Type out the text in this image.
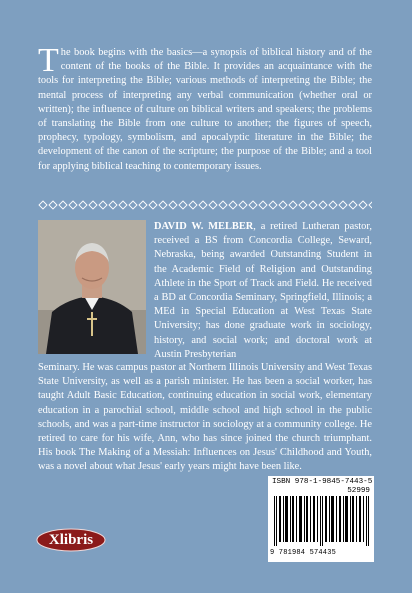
The book begins with the basics—a synopsis of biblical history and of the content of the books of the Bible. It provides an acquaintance with the tools for interpreting the Bible; various methods of interpreting the Bible; the mental process of interpreting any verbal communication (whether oral or written); the influence of culture on biblical writers and speakers; the problems of translating the Bible from one culture to another; the figures of speech, prophecy, typology, symbolism, and apocalyptic literature in the Bible; the development of the canon of the scripture; the purpose of the Bible; and a tool for applying biblical teaching to contemporary issues.

DAVID W. MELBER, a retired Lutheran pastor, received a BS from Concordia College, Seward, Nebraska, being awarded Outstanding Student in the Academic Field of Religion and Outstanding Athlete in the Sport of Track and Field. He received a BD at Concordia Seminary, Springfield, Illinois; a MEd in Special Education at West Texas State University; has done graduate work in sociology, history, and social work; and doctoral work at Austin Presbyterian

Seminary. He was campus pastor at Northern Illinois University and West Texas State University, as well as a parish minister. He has been a social worker, has taught Adult Basic Education, continuing education in social work, elementary education in a parochial school, middle school and high school in the public schools, and was a part-time instructor in sociology at a community college. He retired to care for his wife, Ann, who has since joined the church triumphant. His book The Making of a Messiah: Influences on Jesus' Childhood and Youth, was a novel about what Jesus' early years might have been like.

Xlibris
ISBN 978-1-9845-7443-5
52999
9 781984 574435
